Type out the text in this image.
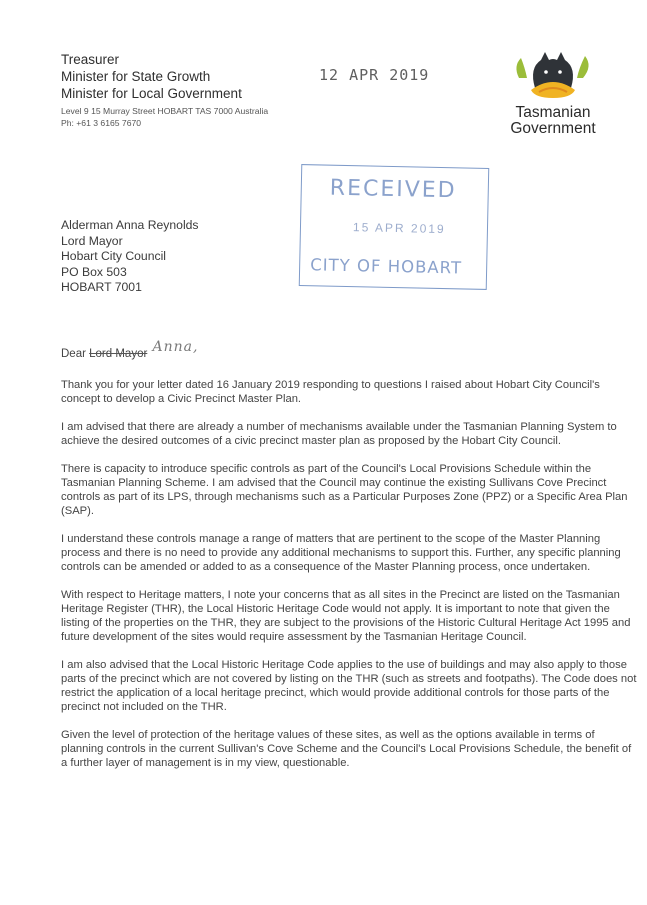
Treasurer
Minister for State Growth
Minister for Local Government
Level 9 15 Murray Street HOBART TAS 7000 Australia
Ph: +61 3 6165 7670
12 APR 2019
Tasmanian
Government
RECEIVED
15 APR 2019
CITY OF HOBART
Alderman Anna Reynolds
Lord Mayor
Hobart City Council
PO Box 503
HOBART 7001
Dear Lord Mayor Anna,

Thank you for your letter dated 16 January 2019 responding to questions I raised about Hobart City Council's concept to develop a Civic Precinct Master Plan.

I am advised that there are already a number of mechanisms available under the Tasmanian Planning System to achieve the desired outcomes of a civic precinct master plan as proposed by the Hobart City Council.

There is capacity to introduce specific controls as part of the Council's Local Provisions Schedule within the Tasmanian Planning Scheme. I am advised that the Council may continue the existing Sullivans Cove Precinct controls as part of its LPS, through mechanisms such as a Particular Purposes Zone (PPZ) or a Specific Area Plan (SAP).

I understand these controls manage a range of matters that are pertinent to the scope of the Master Planning process and there is no need to provide any additional mechanisms to support this. Further, any specific planning controls can be amended or added to as a consequence of the Master Planning process, once undertaken.

With respect to Heritage matters, I note your concerns that as all sites in the Precinct are listed on the Tasmanian Heritage Register (THR), the Local Historic Heritage Code would not apply. It is important to note that given the listing of the properties on the THR, they are subject to the provisions of the Historic Cultural Heritage Act 1995 and future development of the sites would require assessment by the Tasmanian Heritage Council.

I am also advised that the Local Historic Heritage Code applies to the use of buildings and may also apply to those parts of the precinct which are not covered by listing on the THR (such as streets and footpaths). The Code does not restrict the application of a local heritage precinct, which would provide additional controls for those parts of the precinct not included on the THR.

Given the level of protection of the heritage values of these sites, as well as the options available in terms of planning controls in the current Sullivan's Cove Scheme and the Council's Local Provisions Schedule, the benefit of a further layer of management is in my view, questionable.
